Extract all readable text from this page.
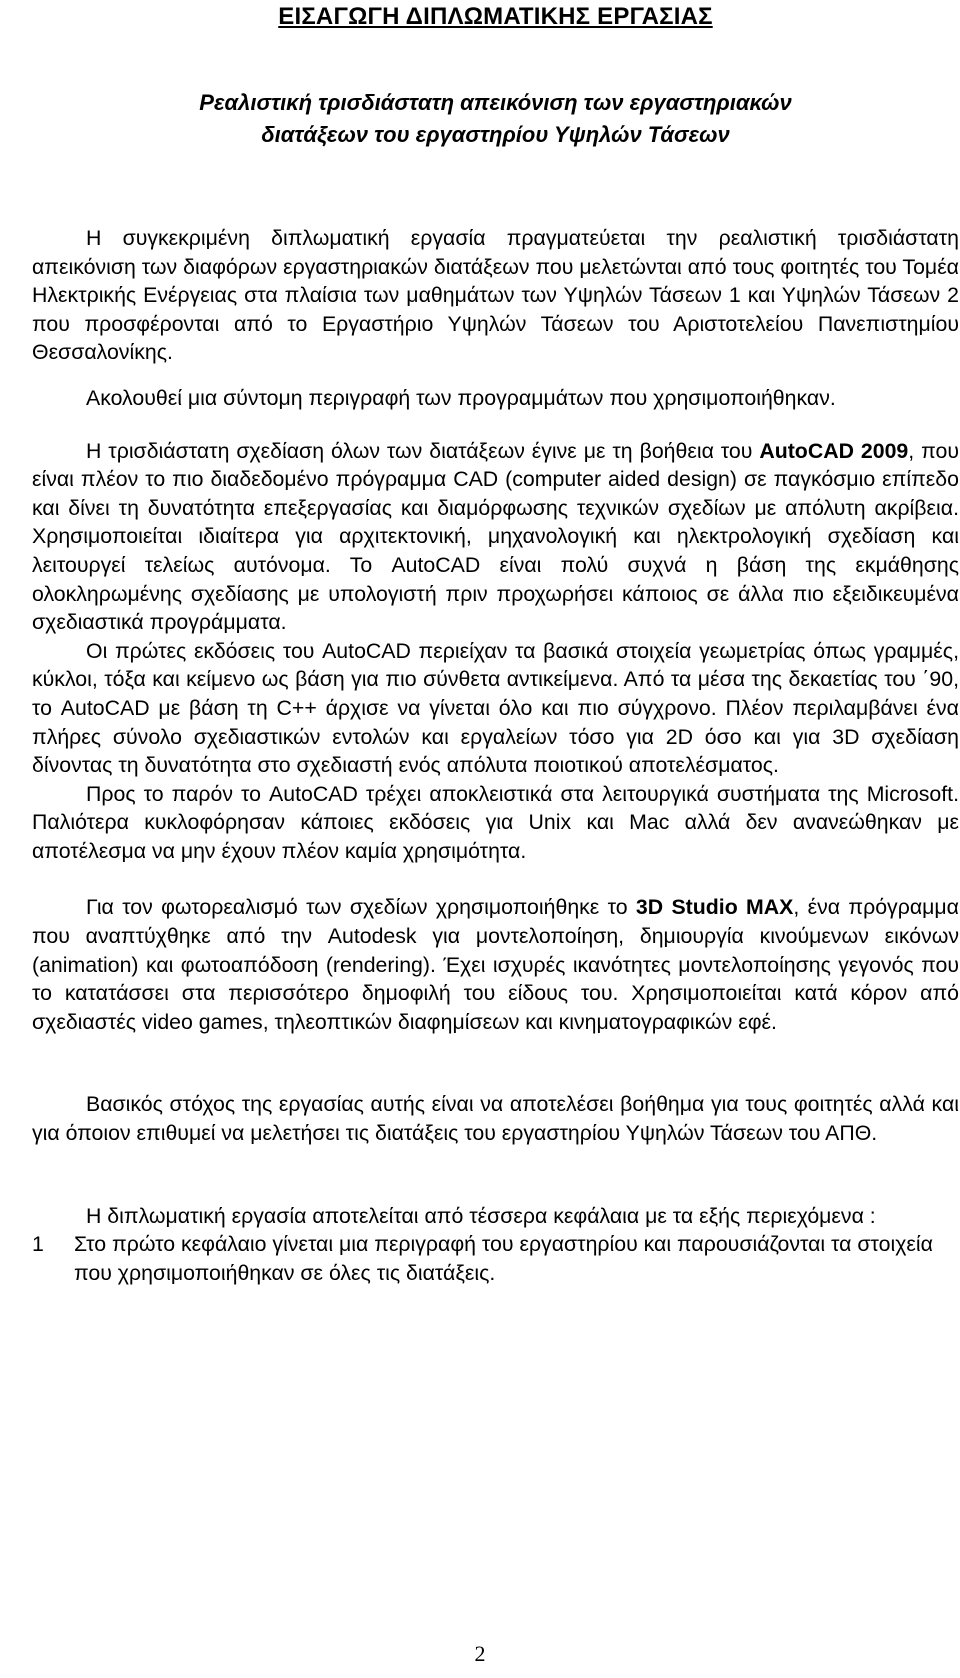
ΕΙΣΑΓΩΓΗ ΔΙΠΛΩΜΑΤΙΚΗΣ ΕΡΓΑΣΙΑΣ
Ρεαλιστική τρισδιάστατη απεικόνιση των εργαστηριακών
διατάξεων του εργαστηρίου Υψηλών Τάσεων

Η συγκεκριμένη διπλωματική εργασία πραγματεύεται την ρεαλιστική τρισδιάστατη απεικόνιση των διαφόρων εργαστηριακών διατάξεων που μελετώνται από τους φοιτητές του Τομέα Ηλεκτρικής Ενέργειας στα πλαίσια των μαθημάτων των Υψηλών Τάσεων 1 και Υψηλών Τάσεων 2 που προσφέρονται από το Εργαστήριο Υψηλών Τάσεων του Αριστοτελείου Πανεπιστημίου Θεσσαλονίκης.

Ακολουθεί μια σύντομη περιγραφή των προγραμμάτων που χρησιμοποιήθηκαν.

Η τρισδιάστατη σχεδίαση όλων των διατάξεων έγινε με τη βοήθεια του AutoCAD 2009, που είναι πλέον το πιο διαδεδομένο πρόγραμμα CAD (computer aided design) σε παγκόσμιο επίπεδο και δίνει τη δυνατότητα επεξεργασίας και διαμόρφωσης τεχνικών σχεδίων με απόλυτη ακρίβεια. Χρησιμοποιείται ιδιαίτερα για αρχιτεκτονική, μηχανολογική και ηλεκτρολογική σχεδίαση και λειτουργεί τελείως αυτόνομα. Το AutoCAD είναι πολύ συχνά η βάση της εκμάθησης ολοκληρωμένης σχεδίασης με υπολογιστή πριν προχωρήσει κάποιος σε άλλα πιο εξειδικευμένα σχεδιαστικά προγράμματα.

Οι πρώτες εκδόσεις του AutoCAD περιείχαν τα βασικά στοιχεία γεωμετρίας όπως γραμμές, κύκλοι, τόξα και κείμενο ως βάση για πιο σύνθετα αντικείμενα. Από τα μέσα της δεκαετίας του ΄90, το AutoCAD με βάση τη C++ άρχισε να γίνεται όλο και πιο σύγχρονο. Πλέον περιλαμβάνει ένα πλήρες σύνολο σχεδιαστικών εντολών και εργαλείων τόσο για 2D όσο και για 3D σχεδίαση δίνοντας τη δυνατότητα στο σχεδιαστή ενός απόλυτα ποιοτικού αποτελέσματος.

Προς το παρόν το AutoCAD τρέχει αποκλειστικά στα λειτουργικά συστήματα της Microsoft. Παλιότερα κυκλοφόρησαν κάποιες εκδόσεις για Unix και Mac αλλά δεν ανανεώθηκαν με αποτέλεσμα να μην έχουν πλέον καμία χρησιμότητα.

Για τον φωτορεαλισμό των σχεδίων χρησιμοποιήθηκε το 3D Studio MAX, ένα πρόγραμμα που αναπτύχθηκε από την Autodesk για μοντελοποίηση, δημιουργία κινούμενων εικόνων (animation) και φωτοαπόδοση (rendering). Έχει ισχυρές ικανότητες μοντελοποίησης γεγονός που το κατατάσσει στα περισσότερο δημοφιλή του είδους του. Χρησιμοποιείται κατά κόρον από σχεδιαστές video games, τηλεοπτικών διαφημίσεων και κινηματογραφικών εφέ.

Βασικός στόχος της εργασίας αυτής είναι να αποτελέσει βοήθημα για τους φοιτητές αλλά και για όποιον επιθυμεί να μελετήσει τις διατάξεις του εργαστηρίου Υψηλών Τάσεων του ΑΠΘ.

Η διπλωματική εργασία αποτελείται από τέσσερα κεφάλαια με τα εξής περιεχόμενα :

1	Στο πρώτο κεφάλαιο γίνεται μια περιγραφή του εργαστηρίου και παρουσιάζονται τα στοιχεία που χρησιμοποιήθηκαν σε όλες τις διατάξεις.
2
